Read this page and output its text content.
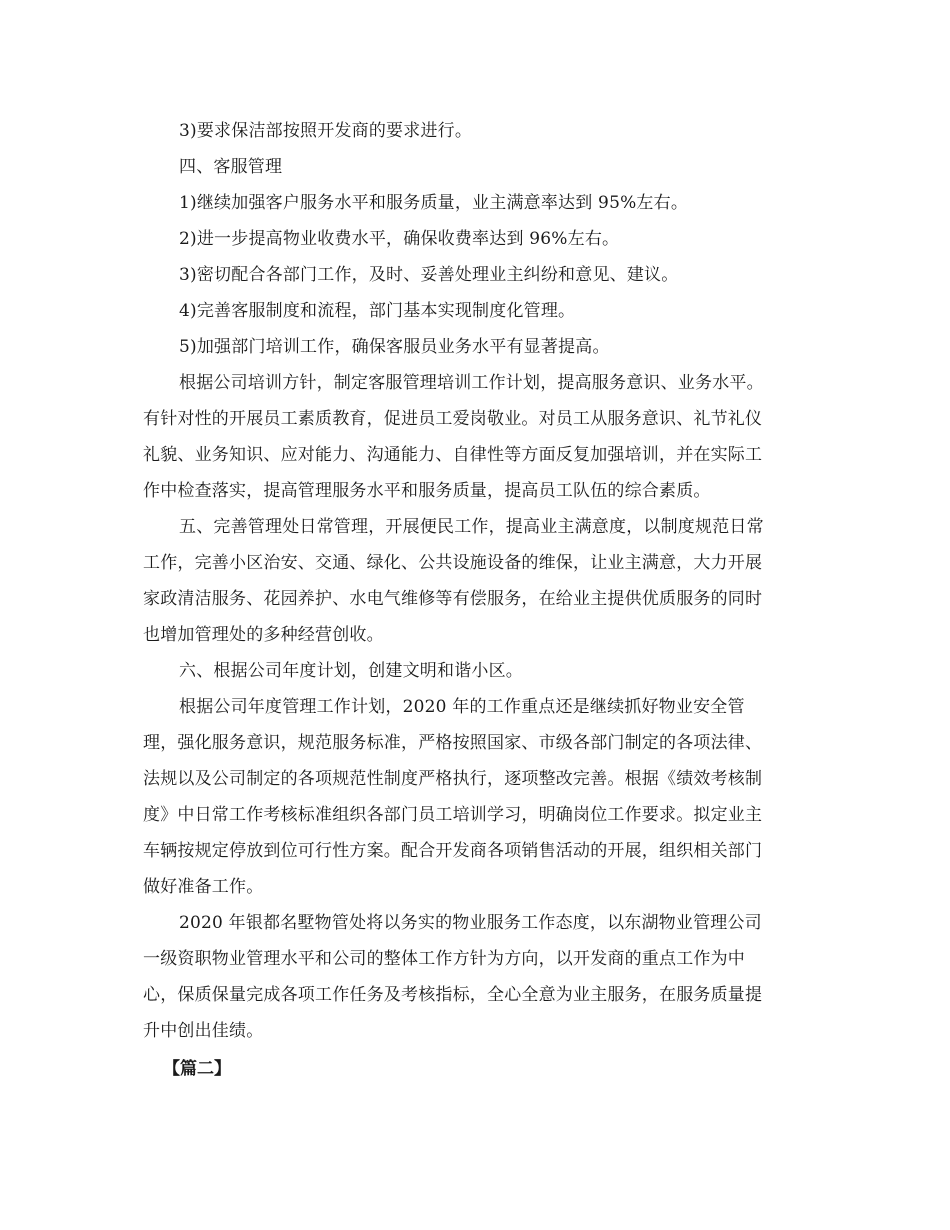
3)要求保洁部按照开发商的要求进行。
四、客服管理
1)继续加强客户服务水平和服务质量，业主满意率达到 95%左右。
2)进一步提高物业收费水平，确保收费率达到 96%左右。
3)密切配合各部门工作，及时、妥善处理业主纠纷和意见、建议。
4)完善客服制度和流程，部门基本实现制度化管理。
5)加强部门培训工作，确保客服员业务水平有显著提高。
根据公司培训方针，制定客服管理培训工作计划，提高服务意识、业务水平。
有针对性的开展员工素质教育，促进员工爱岗敬业。对员工从服务意识、礼节礼仪
礼貌、业务知识、应对能力、沟通能力、自律性等方面反复加强培训，并在实际工
作中检查落实，提高管理服务水平和服务质量，提高员工队伍的综合素质。
五、完善管理处日常管理，开展便民工作，提高业主满意度，以制度规范日常
工作，完善小区治安、交通、绿化、公共设施设备的维保，让业主满意，大力开展
家政清洁服务、花园养护、水电气维修等有偿服务，在给业主提供优质服务的同时
也增加管理处的多种经营创收。
六、根据公司年度计划，创建文明和谐小区。
根据公司年度管理工作计划，2020 年的工作重点还是继续抓好物业安全管
理，强化服务意识，规范服务标准，严格按照国家、市级各部门制定的各项法律、
法规以及公司制定的各项规范性制度严格执行，逐项整改完善。根据《绩效考核制
度》中日常工作考核标准组织各部门员工培训学习，明确岗位工作要求。拟定业主
车辆按规定停放到位可行性方案。配合开发商各项销售活动的开展，组织相关部门
做好准备工作。
2020 年银都名墅物管处将以务实的物业服务工作态度，以东湖物业管理公司
一级资职物业管理水平和公司的整体工作方针为方向，以开发商的重点工作为中
心，保质保量完成各项工作任务及考核指标，全心全意为业主服务，在服务质量提
升中创出佳绩。
【篇二】
